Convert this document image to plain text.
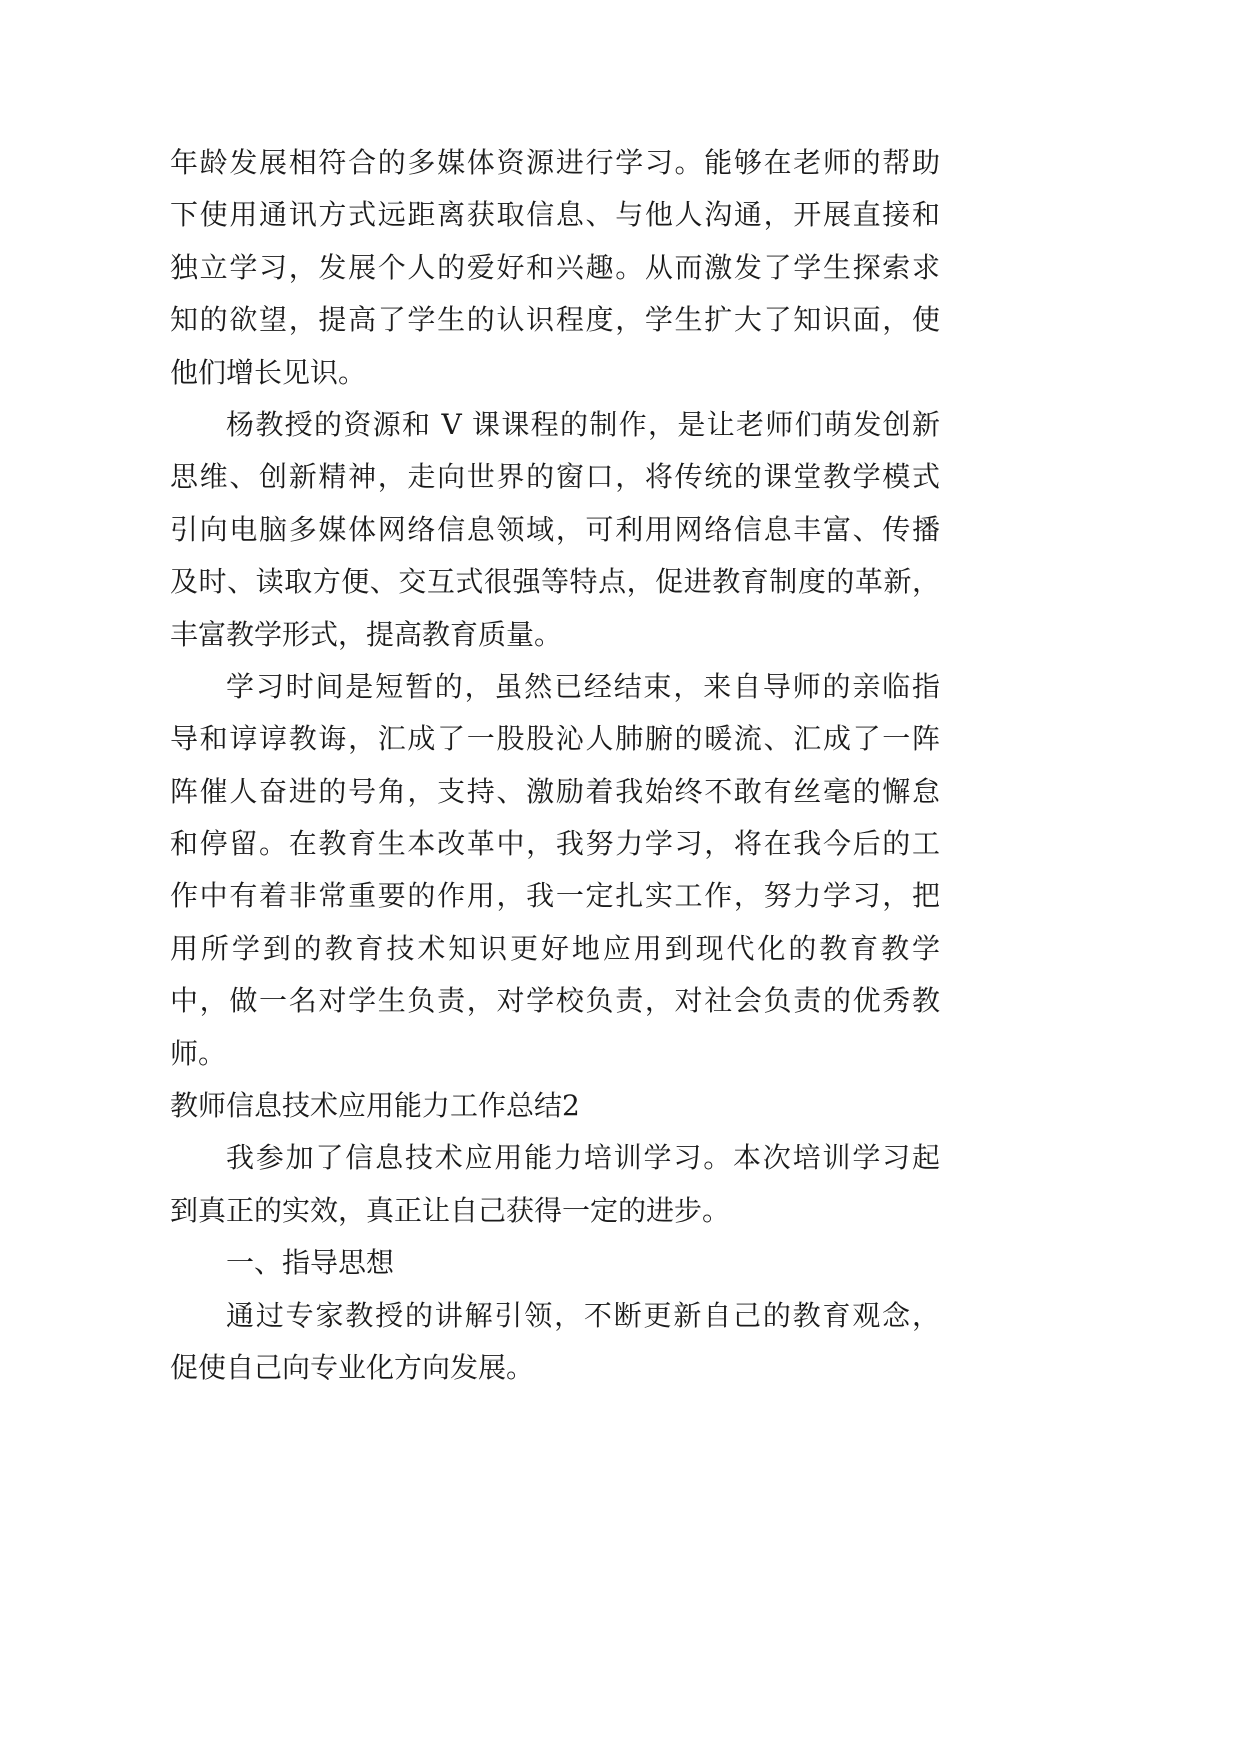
年龄发展相符合的多媒体资源进行学习。能够在老师的帮助
下使用通讯方式远距离获取信息、与他人沟通，开展直接和
独立学习，发展个人的爱好和兴趣。从而激发了学生探索求
知的欲望，提高了学生的认识程度，学生扩大了知识面，使
他们增长见识。
杨教授的资源和 V 课课程的制作，是让老师们萌发创新
思维、创新精神，走向世界的窗口，将传统的课堂教学模式
引向电脑多媒体网络信息领域，可利用网络信息丰富、传播
及时、读取方便、交互式很强等特点，促进教育制度的革新，
丰富教学形式，提高教育质量。
学习时间是短暂的，虽然已经结束，来自导师的亲临指
导和谆谆教诲，汇成了一股股沁人肺腑的暖流、汇成了一阵
阵催人奋进的号角，支持、激励着我始终不敢有丝毫的懈怠
和停留。在教育生本改革中，我努力学习，将在我今后的工
作中有着非常重要的作用，我一定扎实工作，努力学习，把
用所学到的教育技术知识更好地应用到现代化的教育教学
中，做一名对学生负责，对学校负责，对社会负责的优秀教
师。
教师信息技术应用能力工作总结2
我参加了信息技术应用能力培训学习。本次培训学习起
到真正的实效，真正让自己获得一定的进步。
一、指导思想
通过专家教授的讲解引领，不断更新自己的教育观念，
促使自己向专业化方向发展。
